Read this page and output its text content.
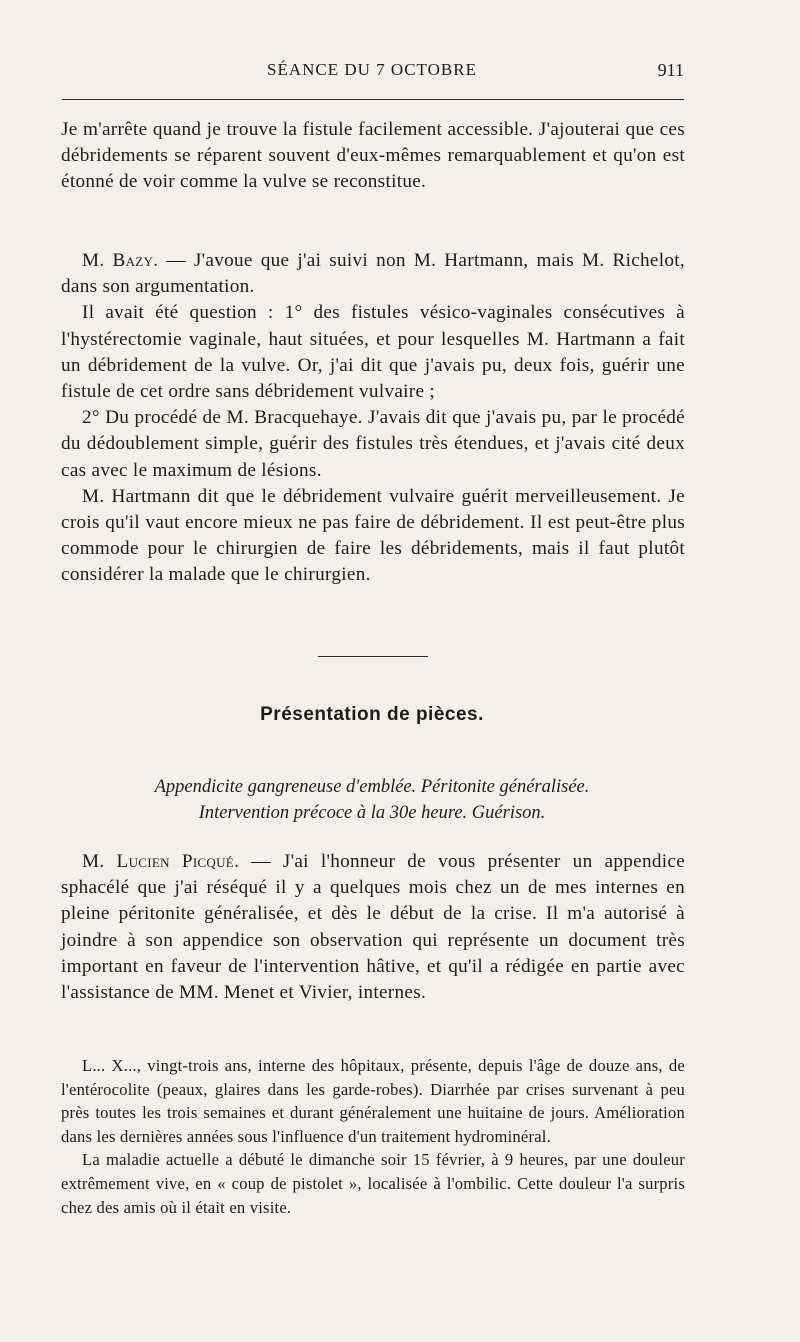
SÉANCE DU 7 OCTOBRE	911

Je m'arrête quand je trouve la fistule facilement accessible. J'ajouterai que ces débridements se réparent souvent d'eux-mêmes remarquablement et qu'on est étonné de voir comme la vulve se reconstitue.

M. Bazy. — J'avoue que j'ai suivi non M. Hartmann, mais M. Richelot, dans son argumentation.

Il avait été question : 1° des fistules vésico-vaginales consécutives à l'hystérectomie vaginale, haut situées, et pour lesquelles M. Hartmann a fait un débridement de la vulve. Or, j'ai dit que j'avais pu, deux fois, guérir une fistule de cet ordre sans débridement vulvaire ;

2° Du procédé de M. Bracquehaye. J'avais dit que j'avais pu, par le procédé du dédoublement simple, guérir des fistules très étendues, et j'avais cité deux cas avec le maximum de lésions.

M. Hartmann dit que le débridement vulvaire guérit merveilleusement. Je crois qu'il vaut encore mieux ne pas faire de débridement. Il est peut-être plus commode pour le chirurgien de faire les débridements, mais il faut plutôt considérer la malade que le chirurgien.

Présentation de pièces.
Appendicite gangreneuse d'emblée. Péritonite généralisée.
Intervention précoce à la 30e heure. Guérison.

M. Lucien Picqué. — J'ai l'honneur de vous présenter un appendice sphacélé que j'ai réséqué il y a quelques mois chez un de mes internes en pleine péritonite généralisée, et dès le début de la crise. Il m'a autorisé à joindre à son appendice son observation qui représente un document très important en faveur de l'intervention hâtive, et qu'il a rédigée en partie avec l'assistance de MM. Menet et Vivier, internes.

L... X..., vingt-trois ans, interne des hôpitaux, présente, depuis l'âge de douze ans, de l'entérocolite (peaux, glaires dans les garde-robes). Diarrhée par crises survenant à peu près toutes les trois semaines et durant généralement une huitaine de jours. Amélioration dans les dernières années sous l'influence d'un traitement hydrominéral.

La maladie actuelle a débuté le dimanche soir 15 février, à 9 heures, par une douleur extrêmement vive, en « coup de pistolet », localisée à l'ombilic. Cette douleur l'a surpris chez des amis où il était en visite.
